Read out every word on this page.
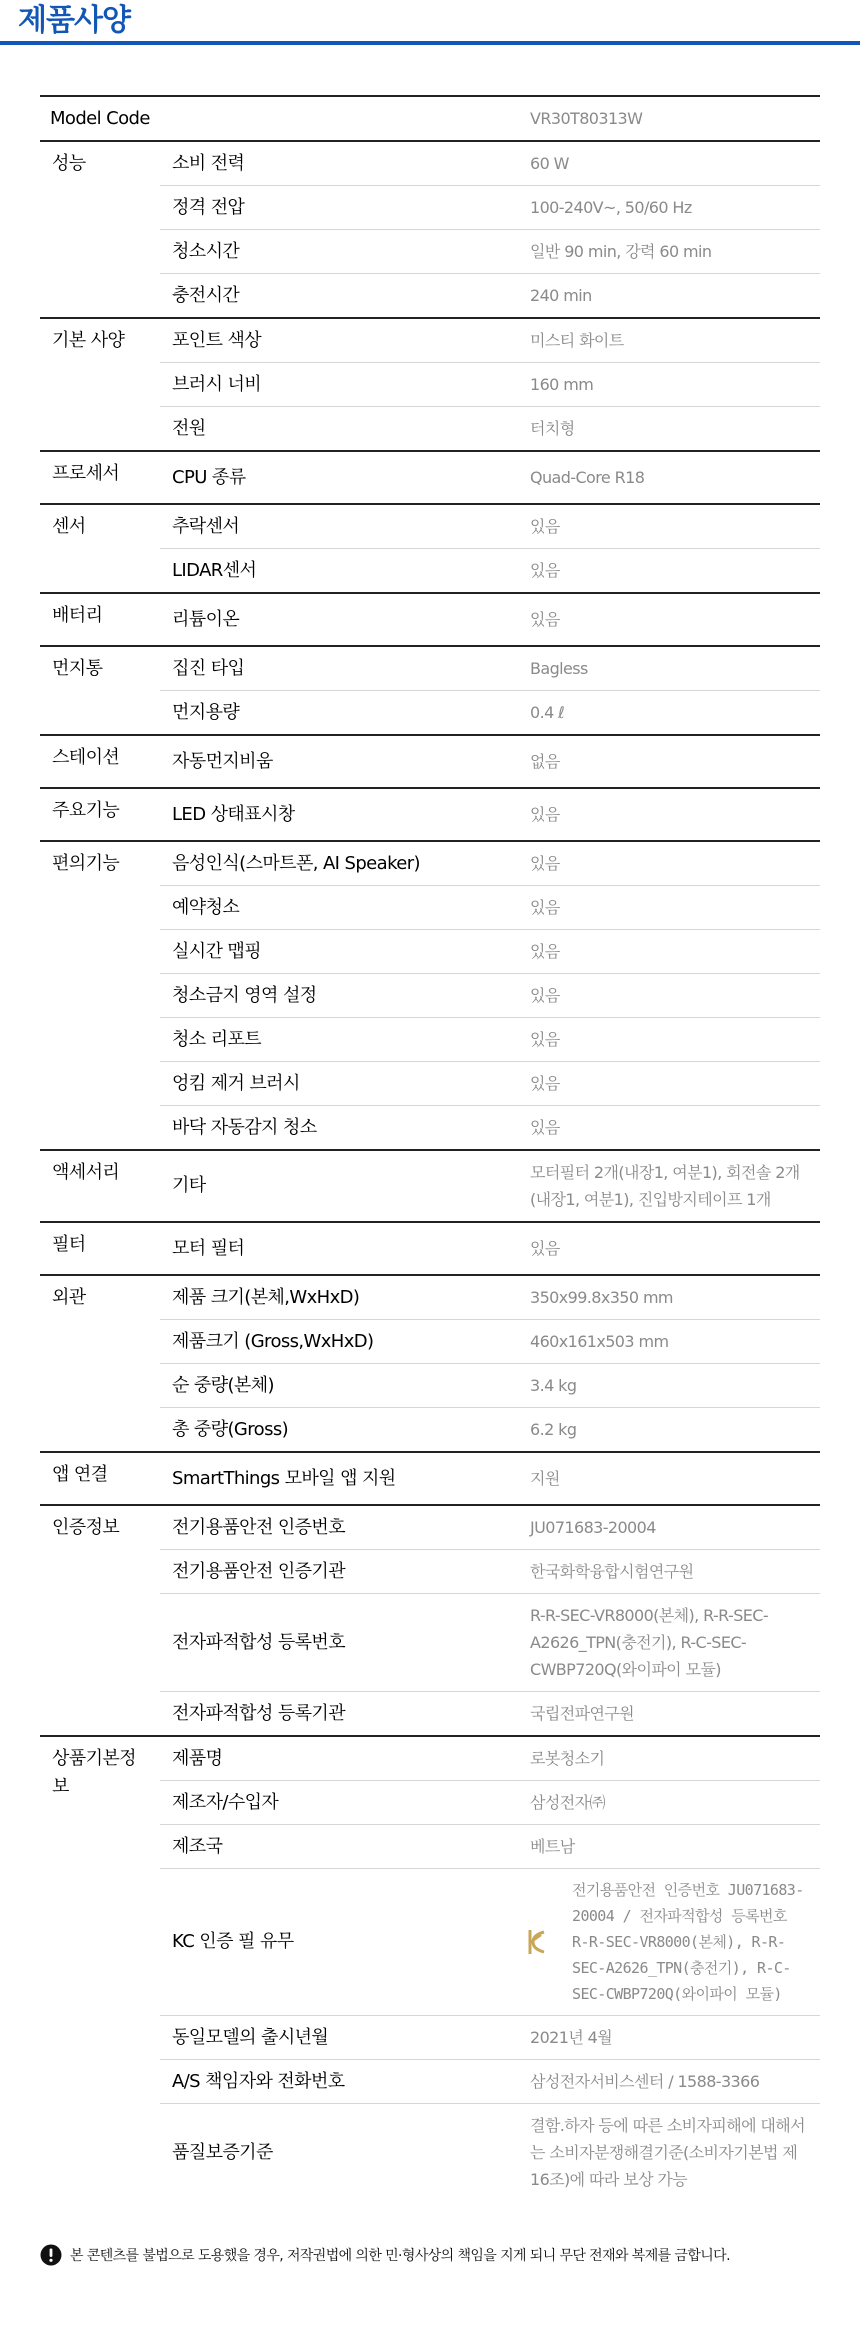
제품사양
Model Code		VR30T80313W
성능	소비 전력	60 W
	정격 전압	100-240V~, 50/60 Hz
	청소시간	일반 90 min, 강력 60 min
	충전시간	240 min
기본 사양	포인트 색상	미스티 화이트
	브러시 너비	160 mm
	전원	터치형
프로세서	CPU 종류	Quad-Core R18
센서	추락센서	있음
	LIDAR센서	있음
배터리	리튬이온	있음
먼지통	집진 타입	Bagless
	먼지용량	0.4 ℓ
스테이션	자동먼지비움	없음
주요기능	LED 상태표시창	있음
편의기능	음성인식(스마트폰, AI Speaker)	있음
	예약청소	있음
	실시간 맵핑	있음
	청소금지 영역 설정	있음
	청소 리포트	있음
	엉킴 제거 브러시	있음
	바닥 자동감지 청소	있음
액세서리	기타	모터필터 2개(내장1, 여분1), 회전솔 2개(내장1, 여분1), 진입방지테이프 1개
필터	모터 필터	있음
외관	제품 크기(본체,WxHxD)	350x99.8x350 mm
	제품크기 (Gross,WxHxD)	460x161x503 mm
	순 중량(본체)	3.4 kg
	총 중량(Gross)	6.2 kg
앱 연결	SmartThings 모바일 앱 지원	지원
인증정보	전기용품안전 인증번호	JU071683-20004
	전기용품안전 인증기관	한국화학융합시험연구원
	전자파적합성 등록번호	R-R-SEC-VR8000(본체), R-R-SEC-A2626_TPN(충전기), R-C-SEC-CWBP720Q(와이파이 모듈)
	전자파적합성 등록기관	국립전파연구원
상품기본정보	제품명	로봇청소기
	제조자/수입자	삼성전자㈜
	제조국	베트남
	KC 인증 필 유무	전기용품안전 인증번호 JU071683-20004 / 전자파적합성 등록번호 R-R-SEC-VR8000(본체), R-R-SEC-A2626_TPN(충전기), R-C-SEC-CWBP720Q(와이파이 모듈)

	동일모델의 출시년월	2021년 4월
	A/S 책임자와 전화번호	삼성전자서비스센터 / 1588-3366
	품질보증기준	결함.하자 등에 따른 소비자피해에 대해서는 소비자분쟁해결기준(소비자기본법 제16조)에 따라 보상 가능
본 콘텐츠를 불법으로 도용했을 경우, 저작권법에 의한 민·형사상의 책임을 지게 되니 무단 전재와 복제를 금합니다.
